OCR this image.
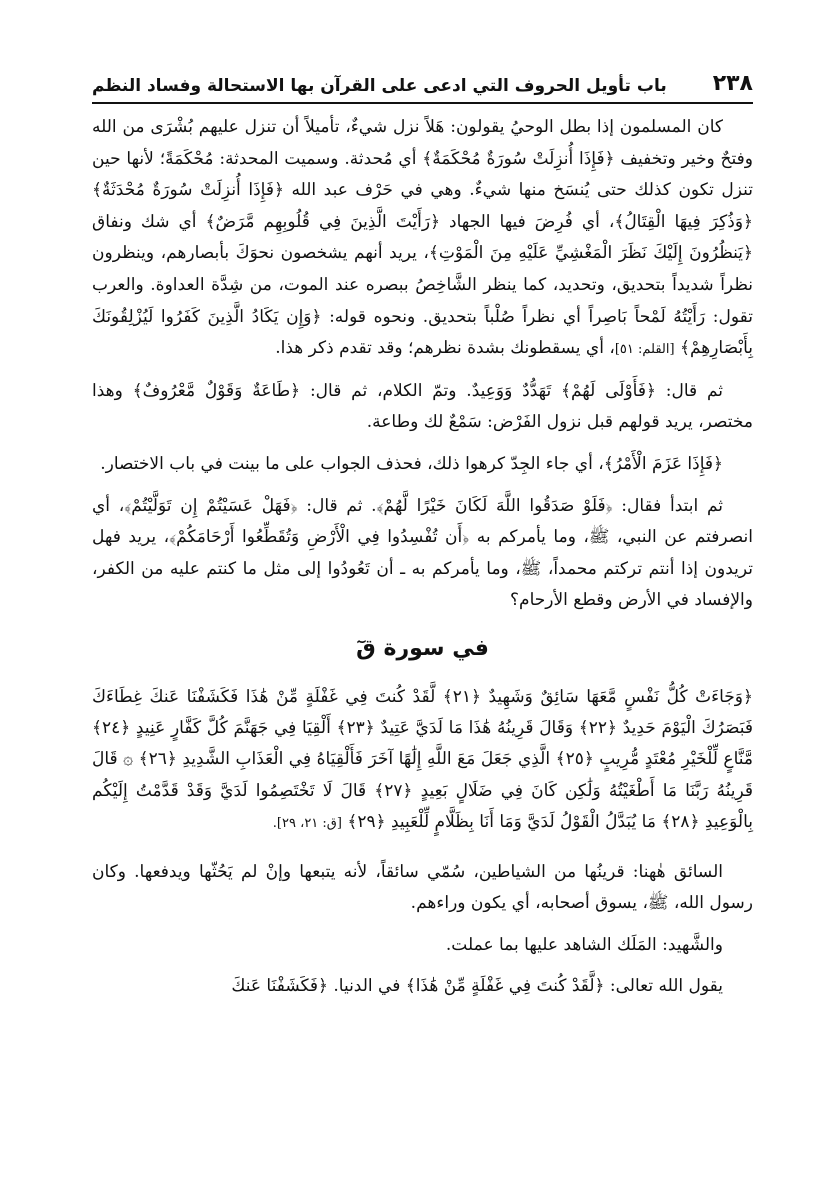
٢٣٨
باب تأويل الحروف التي ادعى على القرآن بها الاستحالة وفساد النظم

كان المسلمون إذا بطل الوحيُ يقولون: هَلاً نزل شيءٌ، تأميلاً أن تنزل عليهم بُشْرَى من الله وفتحٌ وخير وتخفيف ﴿فَإِذَا أُنزِلَتْ سُورَةٌ مُحْكَمَةٌ﴾ أي مُحدثة. وسميت المحدثة: مُحْكَمَةً؛ لأنها حين تنزل تكون كذلك حتى يُنسَخ منها شيءٌ. وهي في حَرْف عبد الله ﴿فَإِذَا أُنزِلَتْ سُورَةٌ مُحْدَثَةٌ﴾ ﴿وَذُكِرَ فِيهَا الْقِتَالُ﴾، أي فُرِضَ فيها الجهاد ﴿رَأَيْتَ الَّذِينَ فِي قُلُوبِهِم مَّرَضٌ﴾ أي شك ونفاق ﴿يَنظُرُونَ إِلَيْكَ نَظَرَ الْمَغْشِيِّ عَلَيْهِ مِنَ الْمَوْتِ﴾، يريد أنهم يشخصون نحوَكَ بأبصارهم، وينظرون نظراً شديداً بتحديق، وتحديد، كما ينظر الشَّاخِصُ ببصره عند الموت، من شِدَّة العداوة. والعرب تقول: رَأَيْتُهُ لَمْحاً بَاصِراً أي نظراً صُلْباً بتحديق. ونحوه قوله: ﴿وَإِن يَكَادُ الَّذِينَ كَفَرُوا لَيُزْلِقُونَكَ بِأَبْصَارِهِمْ﴾ [القلم: ٥١]، أي يسقطونك بشدة نظرهم؛ وقد تقدم ذكر هذا.

ثم قال: ﴿فَأَوْلَى لَهُمْ﴾ تَهَدُّدٌ وَوَعِيدٌ. وتمّ الكلام، ثم قال: ﴿طَاعَةٌ وَقَوْلٌ مَّعْرُوفٌ﴾ وهذا مختصر، يريد قولهم قبل نزول الفَرْض: سَمْعٌ لك وطاعة.

﴿فَإِذَا عَزَمَ الْأَمْرُ﴾، أي جاء الجِدّ كرهوا ذلك، فحذف الجواب على ما بينت في باب الاختصار.

ثم ابتدأ فقال: ﴿فَلَوْ صَدَقُوا اللَّهَ لَكَانَ خَيْرًا لَّهُمْ﴾. ثم قال: ﴿فَهَلْ عَسَيْتُمْ إِن تَوَلَّيْتُمْ﴾، أي انصرفتم عن النبي، ﷺ، وما يأمركم به ﴿أَن تُفْسِدُوا فِي الْأَرْضِ وَتُقَطِّعُوا أَرْحَامَكُمْ﴾، يريد فهل تريدون إذا أنتم تركتم محمداً، ﷺ، وما يأمركم به ـ أن تَعُودُوا إلى مثل ما كنتم عليه من الكفر، والإفساد في الأرض وقطع الأرحام؟

في سورة قٓ

﴿وَجَاءَتْ كُلُّ نَفْسٍ مَّعَهَا سَائِقٌ وَشَهِيدٌ ﴿٢١﴾ لَّقَدْ كُنتَ فِي غَفْلَةٍ مِّنْ هَٰذَا فَكَشَفْنَا عَنكَ غِطَاءَكَ فَبَصَرُكَ الْيَوْمَ حَدِيدٌ ﴿٢٢﴾ وَقَالَ قَرِينُهُ هَٰذَا مَا لَدَيَّ عَتِيدٌ ﴿٢٣﴾ أَلْقِيَا فِي جَهَنَّمَ كُلَّ كَفَّارٍ عَنِيدٍ ﴿٢٤﴾ مَّنَّاعٍ لِّلْخَيْرِ مُعْتَدٍ مُّرِيبٍ ﴿٢٥﴾ الَّذِي جَعَلَ مَعَ اللَّهِ إِلَٰهًا آخَرَ فَأَلْقِيَاهُ فِي الْعَذَابِ الشَّدِيدِ ﴿٢٦﴾ ۞ قَالَ قَرِينُهُ رَبَّنَا مَا أَطْغَيْتُهُ وَلَٰكِن كَانَ فِي ضَلَالٍ بَعِيدٍ ﴿٢٧﴾ قَالَ لَا تَخْتَصِمُوا لَدَيَّ وَقَدْ قَدَّمْتُ إِلَيْكُم بِالْوَعِيدِ ﴿٢٨﴾ مَا يُبَدَّلُ الْقَوْلُ لَدَيَّ وَمَا أَنَا بِظَلَّامٍ لِّلْعَبِيدِ ﴿٢٩﴾ [ق: ٢١، ٢٩].

السائق هٰهنا: قرينُها من الشياطين، سُمّي سائقاً، لأنه يتبعها وإنْ لم يَحُثّها ويدفعها. وكان رسول الله، ﷺ، يسوق أصحابه، أي يكون وراءهم.

والشَّهيد: المَلَك الشاهد عليها بما عملت.

يقول الله تعالى: ﴿لَّقَدْ كُنتَ فِي غَفْلَةٍ مِّنْ هَٰذَا﴾ في الدنيا. ﴿فَكَشَفْنَا عَنكَ
